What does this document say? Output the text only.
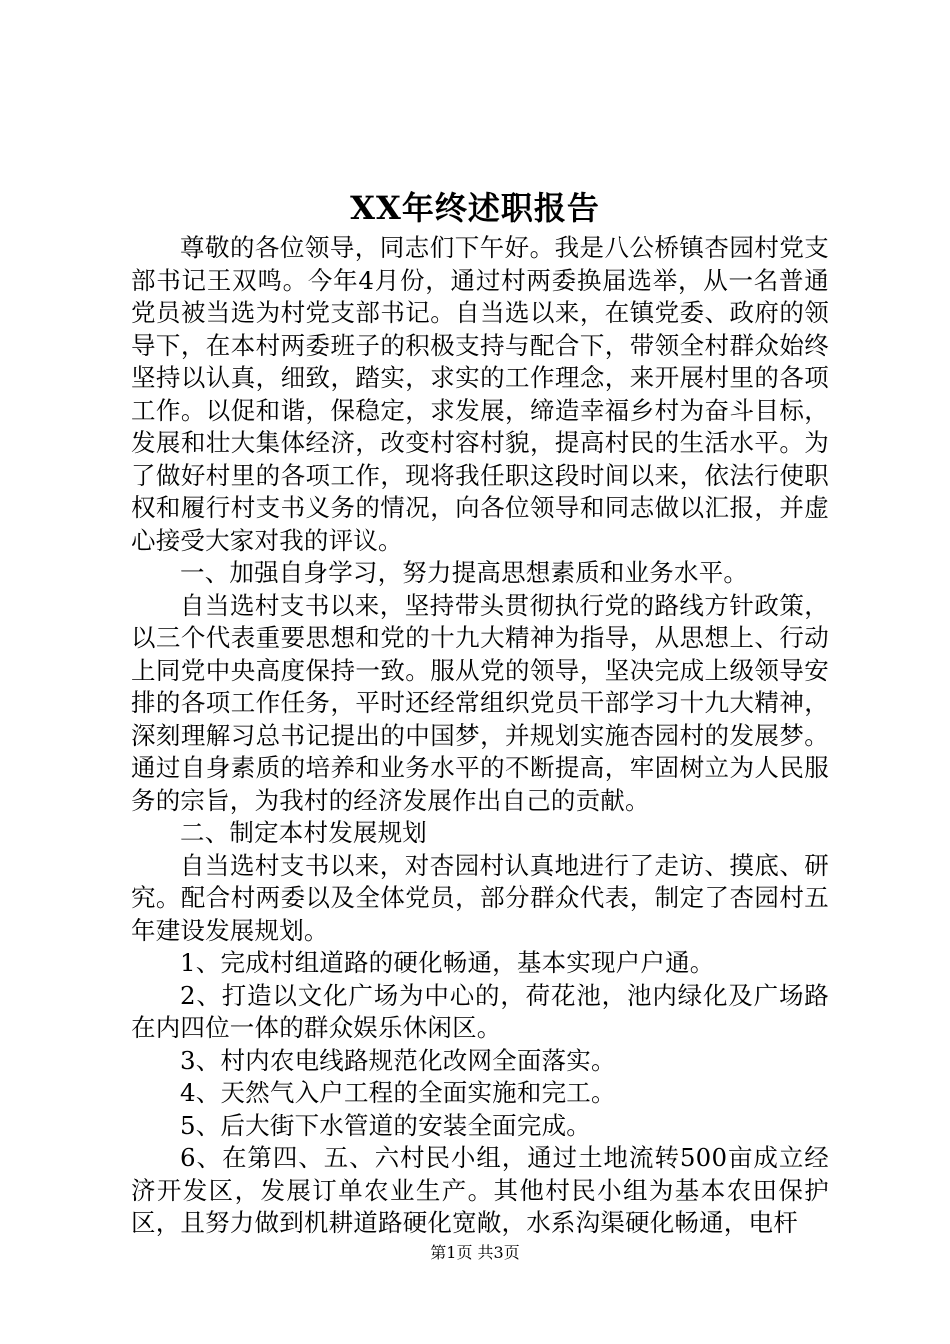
XX年终述职报告

尊敬的各位领导，同志们下午好。我是八公桥镇杏园村党支部书记王双鸣。今年4月份，通过村两委换届选举，从一名普通党员被当选为村党支部书记。自当选以来，在镇党委、政府的领导下，在本村两委班子的积极支持与配合下，带领全村群众始终坚持以认真，细致，踏实，求实的工作理念，来开展村里的各项工作。以促和谐，保稳定，求发展，缔造幸福乡村为奋斗目标，发展和壮大集体经济，改变村容村貌，提高村民的生活水平。为了做好村里的各项工作，现将我任职这段时间以来，依法行使职权和履行村支书义务的情况，向各位领导和同志做以汇报，并虚心接受大家对我的评议。

一、加强自身学习，努力提高思想素质和业务水平。

自当选村支书以来，坚持带头贯彻执行党的路线方针政策，以三个代表重要思想和党的十九大精神为指导，从思想上、行动上同党中央高度保持一致。服从党的领导，坚决完成上级领导安排的各项工作任务，平时还经常组织党员干部学习十九大精神，深刻理解习总书记提出的中国梦，并规划实施杏园村的发展梦。通过自身素质的培养和业务水平的不断提高，牢固树立为人民服务的宗旨，为我村的经济发展作出自己的贡献。

二、制定本村发展规划

自当选村支书以来，对杏园村认真地进行了走访、摸底、研究。配合村两委以及全体党员，部分群众代表，制定了杏园村五年建设发展规划。

1、完成村组道路的硬化畅通，基本实现户户通。

2、打造以文化广场为中心的，荷花池，池内绿化及广场路在内四位一体的群众娱乐休闲区。

3、村内农电线路规范化改网全面落实。

4、天然气入户工程的全面实施和完工。

5、后大街下水管道的安装全面完成。

6、在第四、五、六村民小组，通过土地流转500亩成立经济开发区，发展订单农业生产。其他村民小组为基本农田保护区，且努力做到机耕道路硬化宽敞，水系沟渠硬化畅通，电杆

第1页 共3页
